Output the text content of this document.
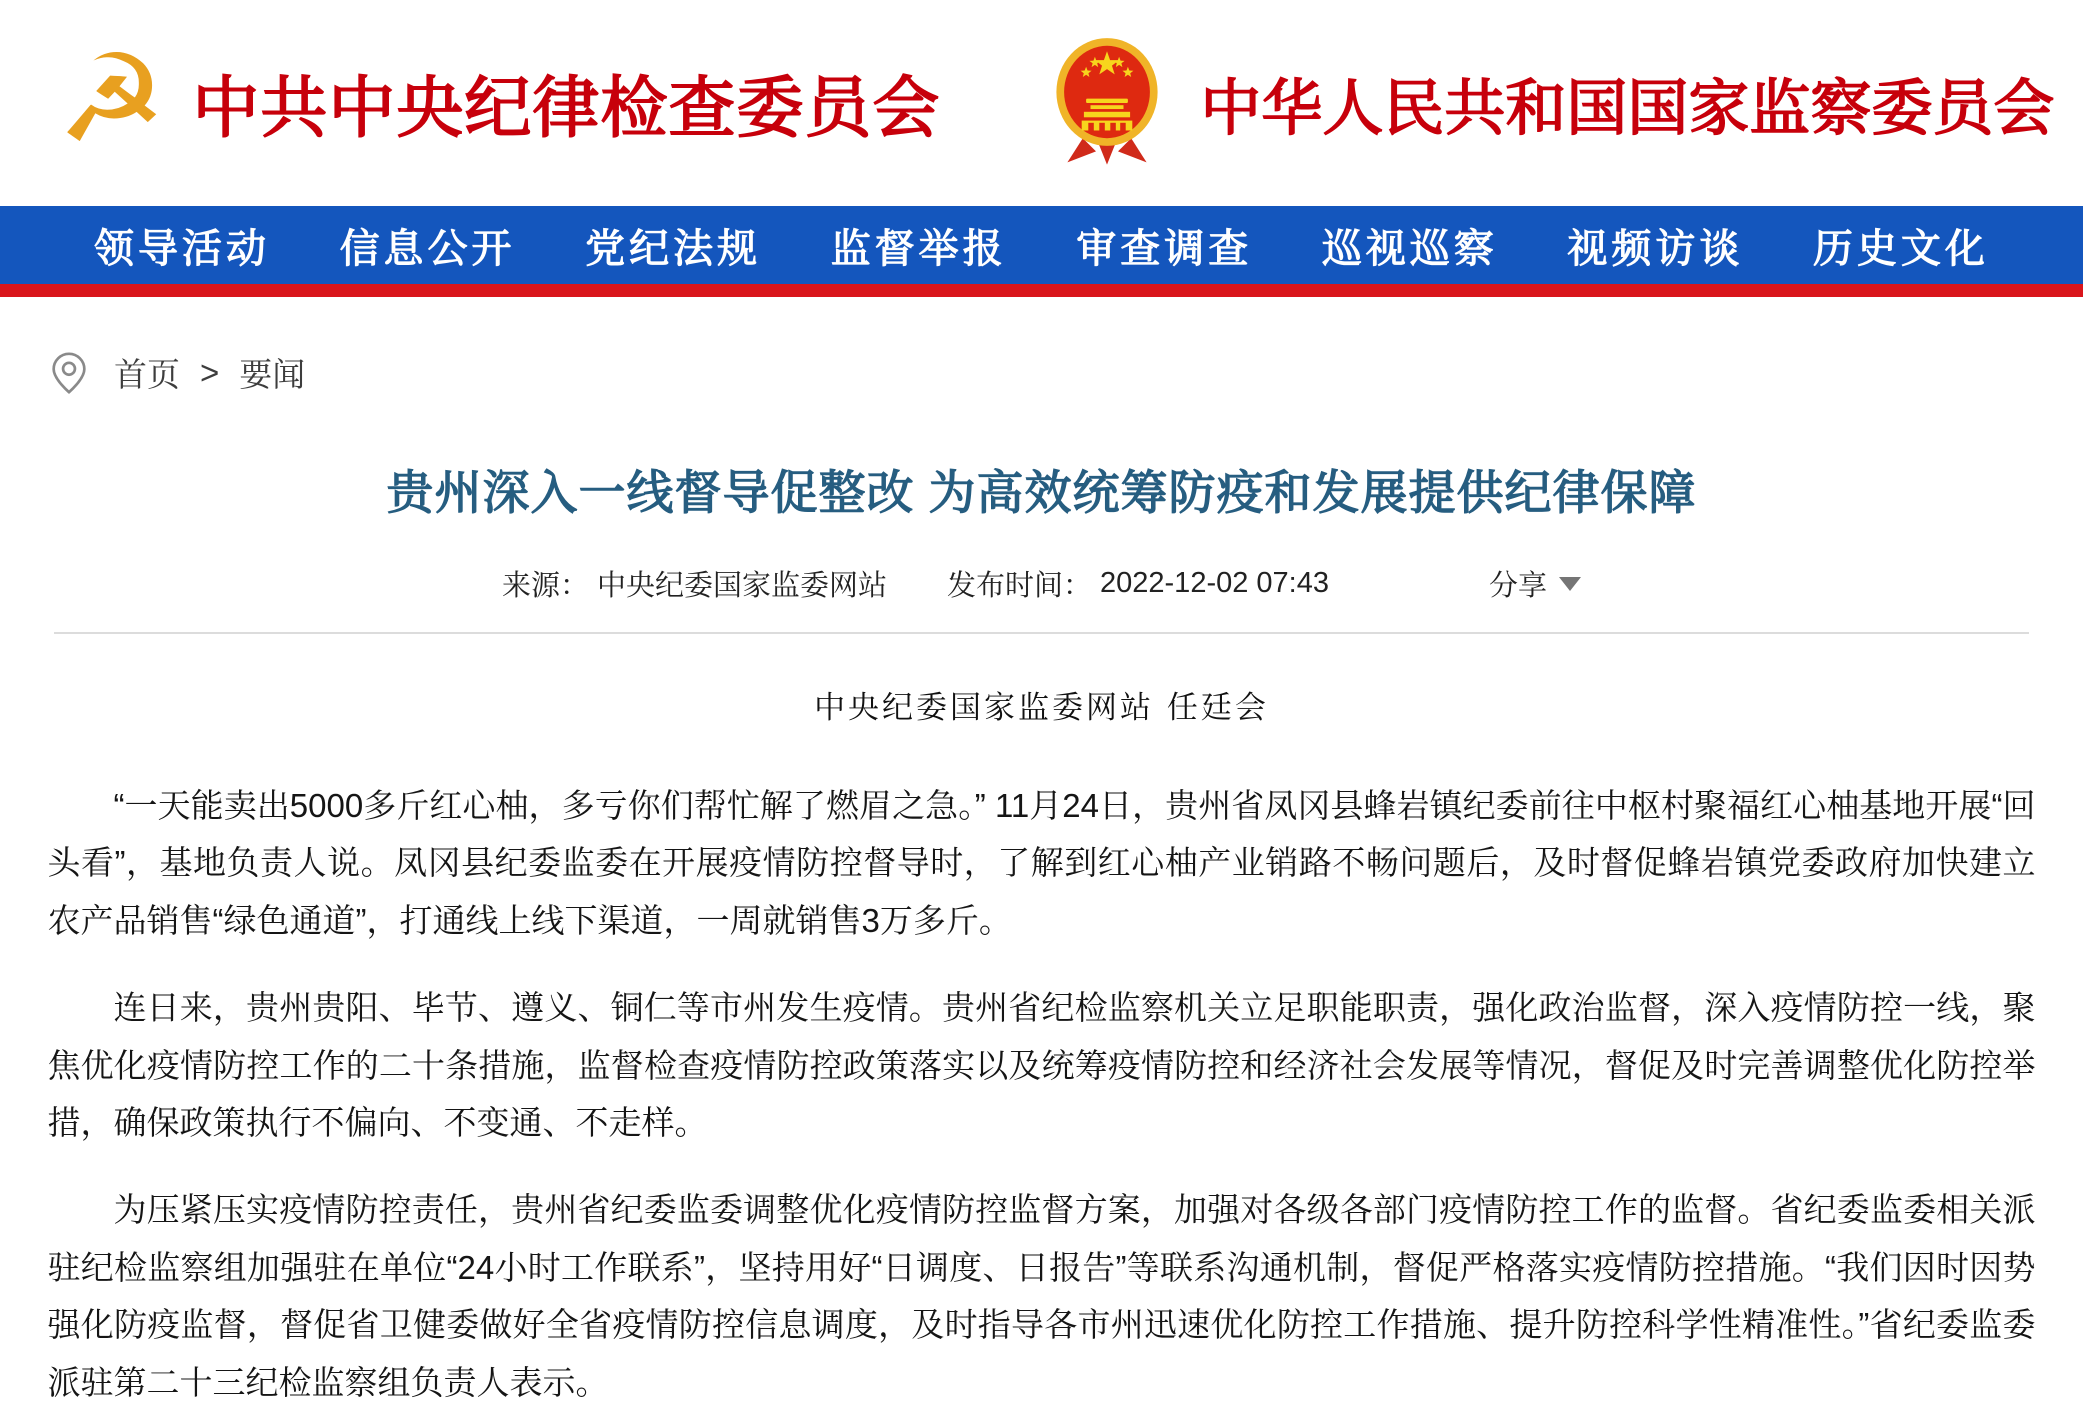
☭ 中共中央纪律检查委员会	中华人民共和国国家监察委员会
领导活动 信息公开 党纪法规 监督举报 审查调查 巡视巡察 视频访谈 历史文化
首页 > 要闻
贵州深入一线督导促整改 为高效统筹防疫和发展提供纪律保障
来源： 中央纪委国家监委网站 发布时间： 2022-12-02 07:43	分享
中央纪委国家监委网站 任廷会

“一天能卖出5000多斤红心柚，多亏你们帮忙解了燃眉之急。” 11月24日，贵州省凤冈县蜂岩镇纪委前往中枢村聚福红心柚基地开展“回头看”，基地负责人说。凤冈县纪委监委在开展疫情防控督导时，了解到红心柚产业销路不畅问题后，及时督促蜂岩镇党委政府加快建立农产品销售“绿色通道”，打通线上线下渠道，一周就销售3万多斤。

连日来，贵州贵阳、毕节、遵义、铜仁等市州发生疫情。贵州省纪检监察机关立足职能职责，强化政治监督，深入疫情防控一线，聚焦优化疫情防控工作的二十条措施，监督检查疫情防控政策落实以及统筹疫情防控和经济社会发展等情况，督促及时完善调整优化防控举措，确保政策执行不偏向、不变通、不走样。

为压紧压实疫情防控责任，贵州省纪委监委调整优化疫情防控监督方案，加强对各级各部门疫情防控工作的监督。省纪委监委相关派驻纪检监察组加强驻在单位“24小时工作联系”，坚持用好“日调度、日报告”等联系沟通机制，督促严格落实疫情防控措施。“我们因时因势强化防疫监督，督促省卫健委做好全省疫情防控信息调度，及时指导各市州迅速优化防控工作措施、提升防控科学性精准性。”省纪委监委派驻第二十三纪检监察组负责人表示。
